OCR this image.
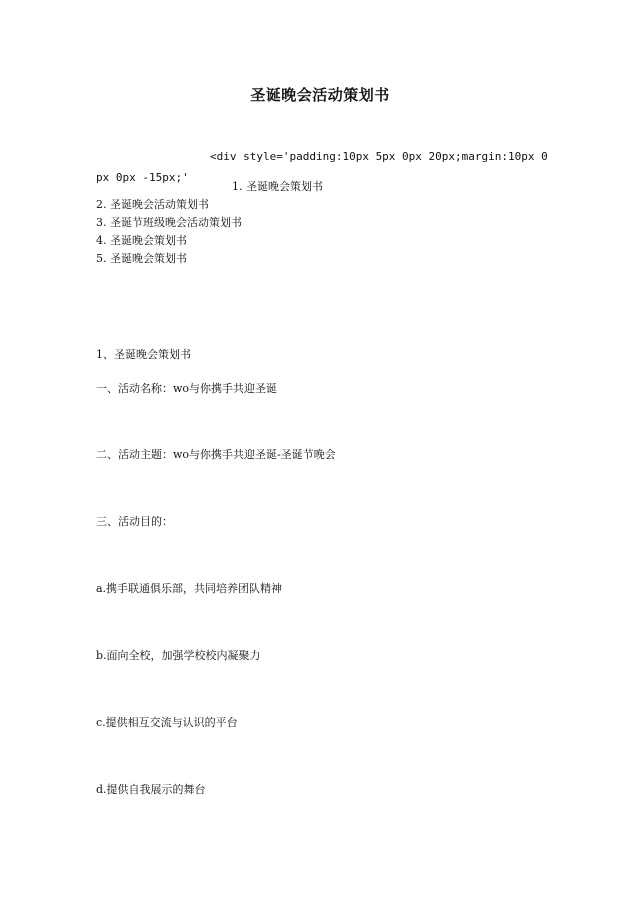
圣诞晚会活动策划书
<div style='padding:10px 5px 0px 20px;margin:10px 0px 0px -15px;'
1. 圣诞晚会策划书
2. 圣诞晚会活动策划书
3. 圣诞节班级晚会活动策划书
4. 圣诞晚会策划书
5. 圣诞晚会策划书
1、圣诞晚会策划书
一、活动名称：wo与你携手共迎圣诞
二、活动主题：wo与你携手共迎圣诞-圣诞节晚会
三、活动目的：
a.携手联通俱乐部，共同培养团队精神
b.面向全校，加强学校校内凝聚力
c.提供相互交流与认识的平台
d.提供自我展示的舞台
